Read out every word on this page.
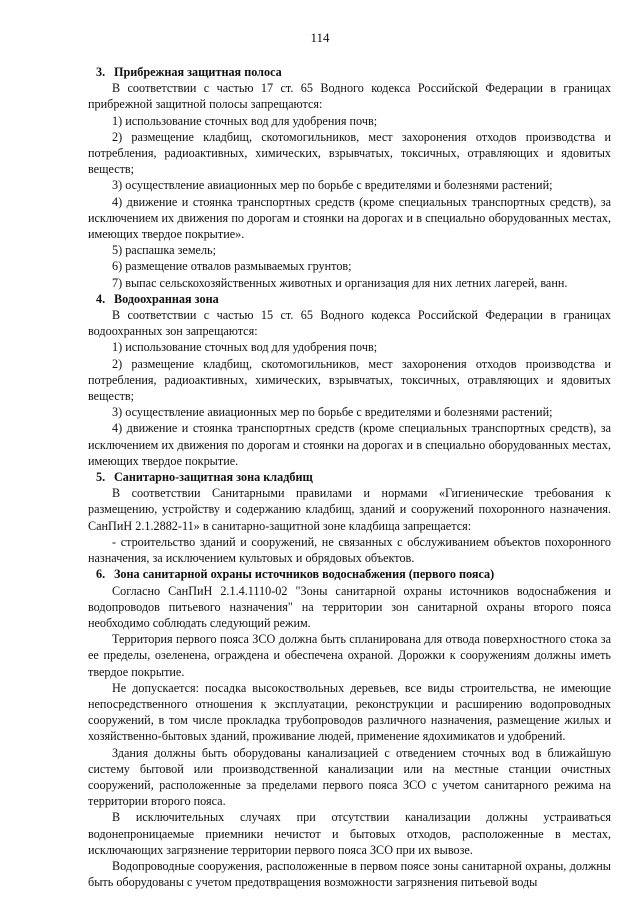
114
3. Прибрежная защитная полоса

В соответствии с частью 17 ст. 65 Водного кодекса Российской Федерации в границах прибрежной защитной полосы запрещаются:

1) использование сточных вод для удобрения почв;

2) размещение кладбищ, скотомогильников, мест захоронения отходов производства и потребления, радиоактивных, химических, взрывчатых, токсичных, отравляющих и ядовитых веществ;

3) осуществление авиационных мер по борьбе с вредителями и болезнями растений;

4) движение и стоянка транспортных средств (кроме специальных транспортных средств), за исключением их движения по дорогам и стоянки на дорогах и в специально оборудованных местах, имеющих твердое покрытие».

5) распашка земель;

6) размещение отвалов размываемых грунтов;

7) выпас сельскохозяйственных животных и организация для них летних лагерей, ванн.

4. Водоохранная зона

В соответствии с частью 15 ст. 65 Водного кодекса Российской Федерации в границах водоохранных зон запрещаются:

1) использование сточных вод для удобрения почв;

2) размещение кладбищ, скотомогильников, мест захоронения отходов производства и потребления, радиоактивных, химических, взрывчатых, токсичных, отравляющих и ядовитых веществ;

3) осуществление авиационных мер по борьбе с вредителями и болезнями растений;

4) движение и стоянка транспортных средств (кроме специальных транспортных средств), за исключением их движения по дорогам и стоянки на дорогах и в специально оборудованных местах, имеющих твердое покрытие.

5. Санитарно-защитная зона кладбищ

В соответствии Санитарными правилами и нормами «Гигиенические требования к размещению, устройству и содержанию кладбищ, зданий и сооружений похоронного назначения. СанПиН 2.1.2882-11» в санитарно-защитной зоне кладбища запрещается:

- строительство зданий и сооружений, не связанных с обслуживанием объектов похоронного назначения, за исключением культовых и обрядовых объектов.

6. Зона санитарной охраны источников водоснабжения (первого пояса)

Согласно СанПиН 2.1.4.1110-02 "Зоны санитарной охраны источников водоснабжения и водопроводов питьевого назначения" на территории зон санитарной охраны второго пояса необходимо соблюдать следующий режим.

Территория первого пояса ЗСО должна быть спланирована для отвода поверхностного стока за ее пределы, озеленена, ограждена и обеспечена охраной. Дорожки к сооружениям должны иметь твердое покрытие.

Не допускается: посадка высокоствольных деревьев, все виды строительства, не имеющие непосредственного отношения к эксплуатации, реконструкции и расширению водопроводных сооружений, в том числе прокладка трубопроводов различного назначения, размещение жилых и хозяйственно-бытовых зданий, проживание людей, применение ядохимикатов и удобрений.

Здания должны быть оборудованы канализацией с отведением сточных вод в ближайшую систему бытовой или производственной канализации или на местные станции очистных сооружений, расположенные за пределами первого пояса ЗСО с учетом санитарного режима на территории второго пояса.

В исключительных случаях при отсутствии канализации должны устраиваться водонепроницаемые приемники нечистот и бытовых отходов, расположенные в местах, исключающих загрязнение территории первого пояса ЗСО при их вывозе.

Водопроводные сооружения, расположенные в первом поясе зоны санитарной охраны, должны быть оборудованы с учетом предотвращения возможности загрязнения питьевой воды
